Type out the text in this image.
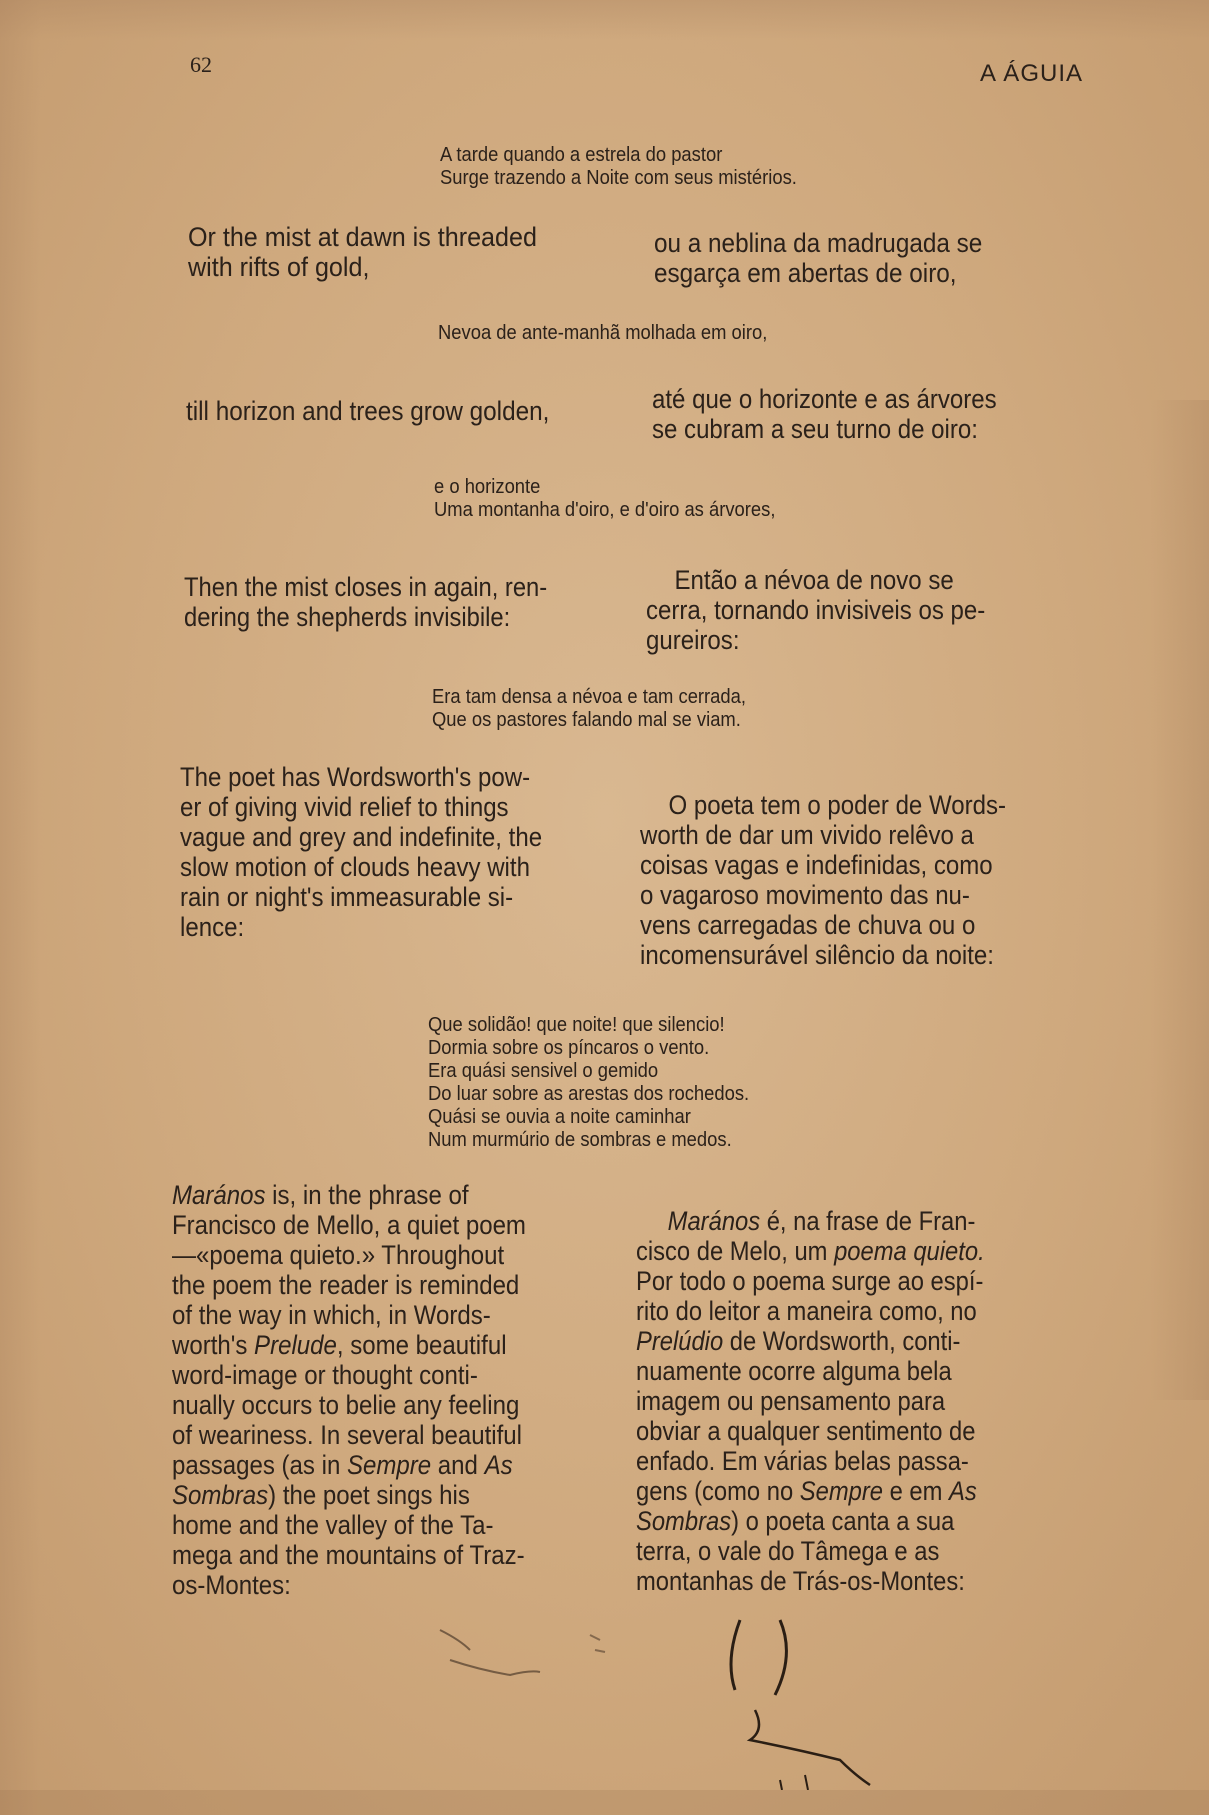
62	A ÁGUIA
A tarde quando a estrela do pastor
Surge trazendo a Noite com seus mistérios.
Or the mist at dawn is threaded
with rifts of gold,
ou a neblina da madrugada se
esgarça em abertas de oiro,
Nevoa de ante-manhã molhada em oiro,
till horizon and trees grow golden,	até que o horizonte e as árvores
se cubram a seu turno de oiro:
e o horizonte
Uma montanha d'oiro, e d'oiro as árvores,
Then the mist closes in again, ren-
dering the shepherds invisibile:
Então a névoa de novo se
cerra, tornando invisiveis os pe-
gureiros:
Era tam densa a névoa e tam cerrada,
Que os pastores falando mal se viam.
The poet has Wordsworth's pow-
er of giving vivid relief to things
vague and grey and indefinite, the
slow motion of clouds heavy with
rain or night's immeasurable si-
lence:
O poeta tem o poder de Words-
worth de dar um vivido relêvo a
coisas vagas e indefinidas, como
o vagaroso movimento das nu-
vens carregadas de chuva ou o
incomensurável silêncio da noite:
Que solidão! que noite! que silencio!
Dormia sobre os píncaros o vento.
Era quási sensivel o gemido
Do luar sobre as arestas dos rochedos.
Quási se ouvia a noite caminhar
Num murmúrio de sombras e medos.
Marános is, in the phrase of
Francisco de Mello, a quiet poem
—«poema quieto.» Throughout
the poem the reader is reminded
of the way in which, in Words-
worth's Prelude, some beautiful
word-image or thought conti-
nually occurs to belie any feeling
of weariness. In several beautiful
passages (as in Sempre and As
Sombras) the poet sings his
home and the valley of the Ta-
mega and the mountains of Traz-
os-Montes:
Marános é, na frase de Fran-
cisco de Melo, um poema quieto.
Por todo o poema surge ao espí-
rito do leitor a maneira como, no
Prelúdio de Wordsworth, conti-
nuamente ocorre alguma bela
imagem ou pensamento para
obviar a qualquer sentimento de
enfado. Em várias belas passa-
gens (como no Sempre e em As
Sombras) o poeta canta a sua
terra, o vale do Tâmega e as
montanhas de Trás-os-Montes:
